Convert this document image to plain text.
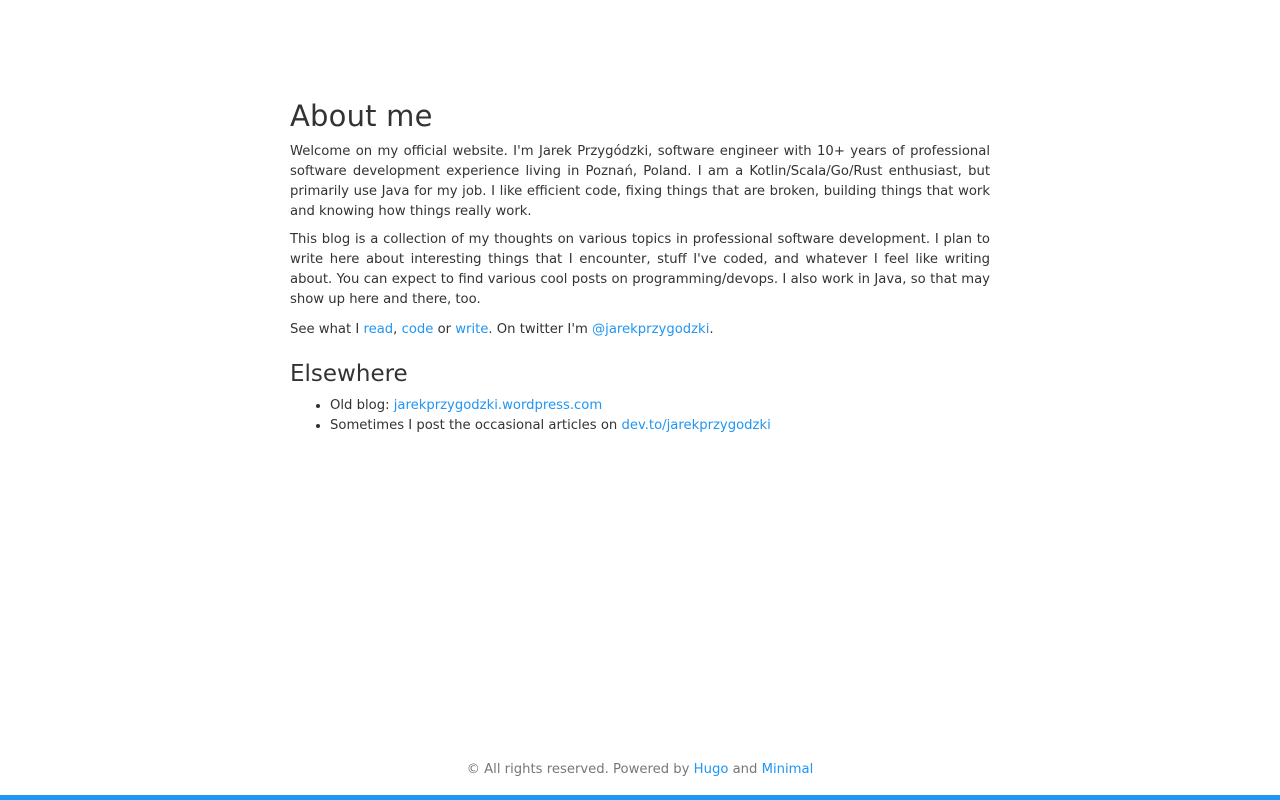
About me

Welcome on my official website. I'm Jarek Przygódzki, software engineer with 10+ years of professional software development experience living in Poznań, Poland. I am a Kotlin/Scala/Go/Rust enthusiast, but primarily use Java for my job. I like efficient code, fixing things that are broken, building things that work and knowing how things really work.

This blog is a collection of my thoughts on various topics in professional software development. I plan to write here about interesting things that I encounter, stuff I've coded, and whatever I feel like writing about. You can expect to find various cool posts on programming/devops. I also work in Java, so that may show up here and there, too.

See what I read, code or write. On twitter I'm @jarekprzygodzki.

Elsewhere
• Old blog: jarekprzygodzki.wordpress.com
• Sometimes I post the occasional articles on dev.to/jarekprzygodzki
© All rights reserved. Powered by Hugo and Minimal
